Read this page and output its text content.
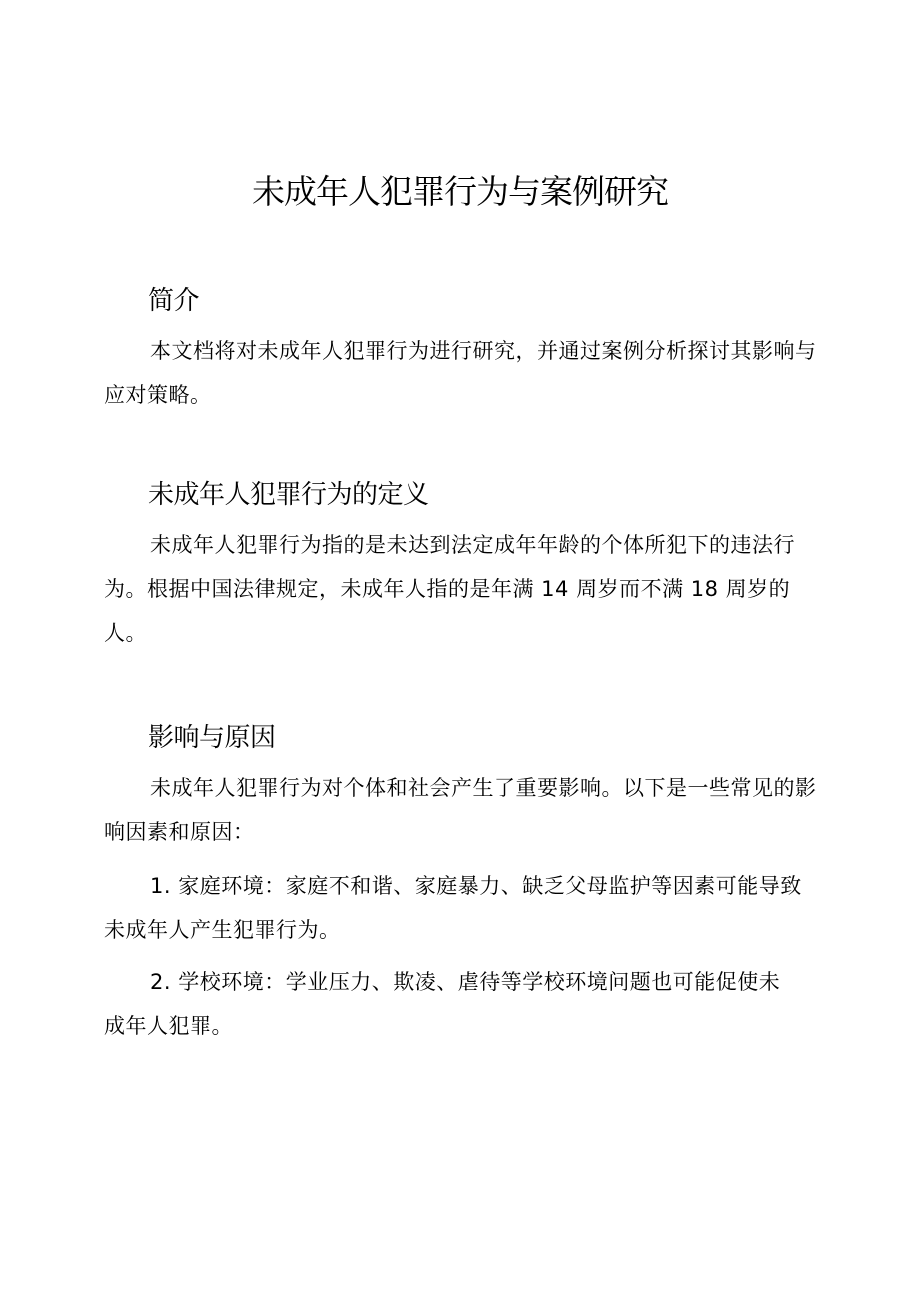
未成年人犯罪行为与案例研究
简介

本文档将对未成年人犯罪行为进行研究，并通过案例分析探讨其影响与应对策略。

未成年人犯罪行为的定义

未成年人犯罪行为指的是未达到法定成年年龄的个体所犯下的违法行为。根据中国法律规定，未成年人指的是年满 14 周岁而不满 18 周岁的人。

影响与原因

未成年人犯罪行为对个体和社会产生了重要影响。以下是一些常见的影响因素和原因：

1. 家庭环境：家庭不和谐、家庭暴力、缺乏父母监护等因素可能导致未成年人产生犯罪行为。

2. 学校环境：学业压力、欺凌、虐待等学校环境问题也可能促使未成年人犯罪。
